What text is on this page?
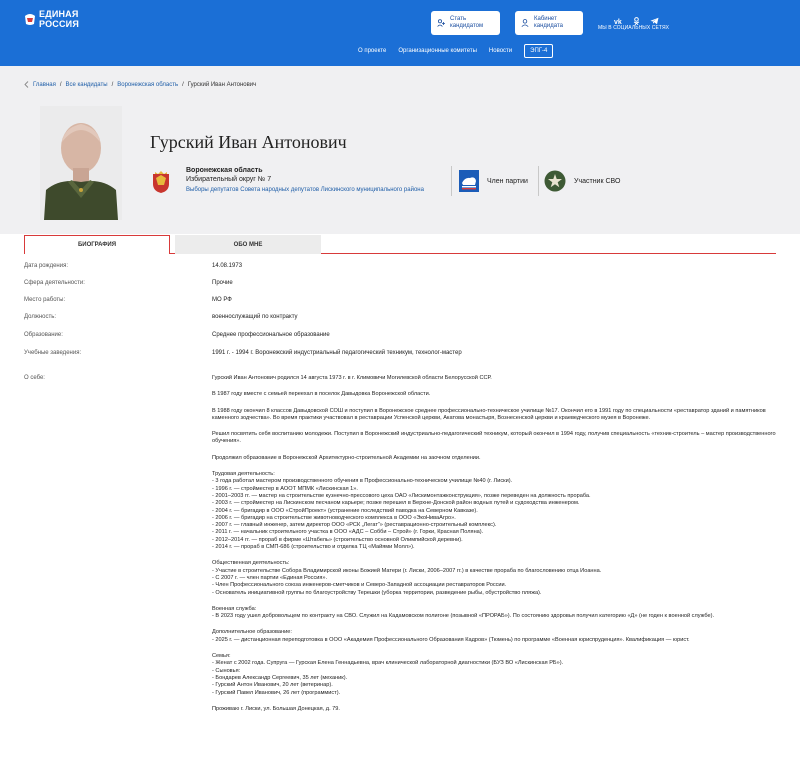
ЕДИНАЯ
РОССИЯ	Стать
кандидатом
Кабинет
кандидата	vk
МЫ В СОЦИАЛЬНЫХ СЕТЯХ
О проекте Организационные комитеты Новости	ЭПГ-4
Главная / Все кандидаты / Воронежская область / Гурский Иван Антонович
Гурский Иван Антонович
Воронежская область
Избирательный округ № 7
Выборы депутатов Совета народных депутатов Лискинского муниципального района
Член партии	Участник СВО
БИОГРАФИЯ	ОБО МНЕ
Дата рождения:	14.08.1973
Сфера деятельности:	Прочие
Место работы:	МО РФ
Должность:	военнослужащий по контракту
Образование:	Среднее профессиональное образование
Учебные заведения:	1991 г. - 1994 г. Воронежский индустриальный педагогический техникум, технолог-мастер
О себе:	Гурский Иван Антонович родился 14 августа 1973 г. в г. Климовичи Могилевской области Белорусской ССР.

В 1987 году вместе с семьей переехал в поселок Давыдовка Воронежской области.

В 1988 году окончил 8 классов Давыдовской СОШ и поступил в Воронежское среднее профессионально-техническое училище №17. Окончил его в 1991 году по специальности «реставратор зданий и памятников каменного зодчества». Во время практики участвовал в реставрации Успенской церкви, Акатова монастыря, Вознесенской церкви и краеведческого музея в Воронеже.

Решил посвятить себя воспитанию молодежи. Поступил в Воронежский индустриально-педагогический техникум, который окончил в 1994 году, получив специальность «техник-строитель – мастер производственного обучения».

Продолжил образование в Воронежской Архитектурно-строительной Академии на заочном отделении.

Трудовая деятельность:
- 3 года работал мастером производственного обучения в Профессионально-техническом училище №40 (г. Лиски).
- 1996 г. — стройместер в АООТ МПМК «Лискинская 1».
- 2001–2003 гг. — мастер на строительстве кузнечно-прессового цеха ОАО «Лискимонтажконструкция», позже переведен на должность прораба.
- 2003 г. — стройместер на Лискинском песчаном карьере; позже перешел в Верхне-Донской район водных путей и судоходства инженером.
- 2004 г. — бригадир в ООО «СтройПроект» (устранение последствий паводка на Северном Кавказе).
- 2006 г. — бригадир на строительстве животноводческого комплекса в ООО «ЭкоНиваАгро».
- 2007 г. — главный инженер, затем директор ООО «РСК „Легат“» (реставрационно-строительный комплекс).
- 2011 г. — начальник строительного участка в ООО «АДС – Собби – Строй» (г. Горки, Красная Поляна).
- 2012–2014 гг. — прораб в фирме «Штабель» (строительство основной Олимпийской деревни).
- 2014 г. — прораб в СМП-686 (строительство и отделка ТЦ «Майями Молл»).
Общественная деятельность:
- Участие в строительстве Собора Владимирской иконы Божией Матери (г. Лиски, 2006–2007 гг.) в качестве прораба по благословению отца Иоанна.
- С 2007 г. — член партии «Единая Россия».
- Член Профессионального союза инженеров-сметчиков и Северо-Западной ассоциации реставраторов России.
- Основатель инициативной группы по благоустройству Терешки (уборка территории, разведение рыбы, обустройство пляжа).
Военная служба:
- В 2023 году ушел добровольцем по контракту на СВО. Служил на Кадамовском полигоне (позывной «ПРОРАБ»). По состоянию здоровья получил категорию «Д» (не годен к военной службе).
Дополнительное образование:
- 2025 г. — дистанционная переподготовка в ООО «Академия Профессионального Образования Кадров» (Тюмень) по программе «Военная юриспруденция». Квалификация — юрист.
Семья:
- Женат с 2002 года. Супруга — Гурская Елена Геннадьевна, врач клинической лабораторной диагностики (БУЗ ВО «Лискинская РБ»).
- Сыновья:
- Бондарев Александр Сергеевич, 35 лет (механик).
- Гурский Антон Иванович, 20 лет (ветеринар).
- Гурский Павел Иванович, 26 лет (программист).

Проживаю г. Лиски, ул. Большая Донецкая, д. 79.
